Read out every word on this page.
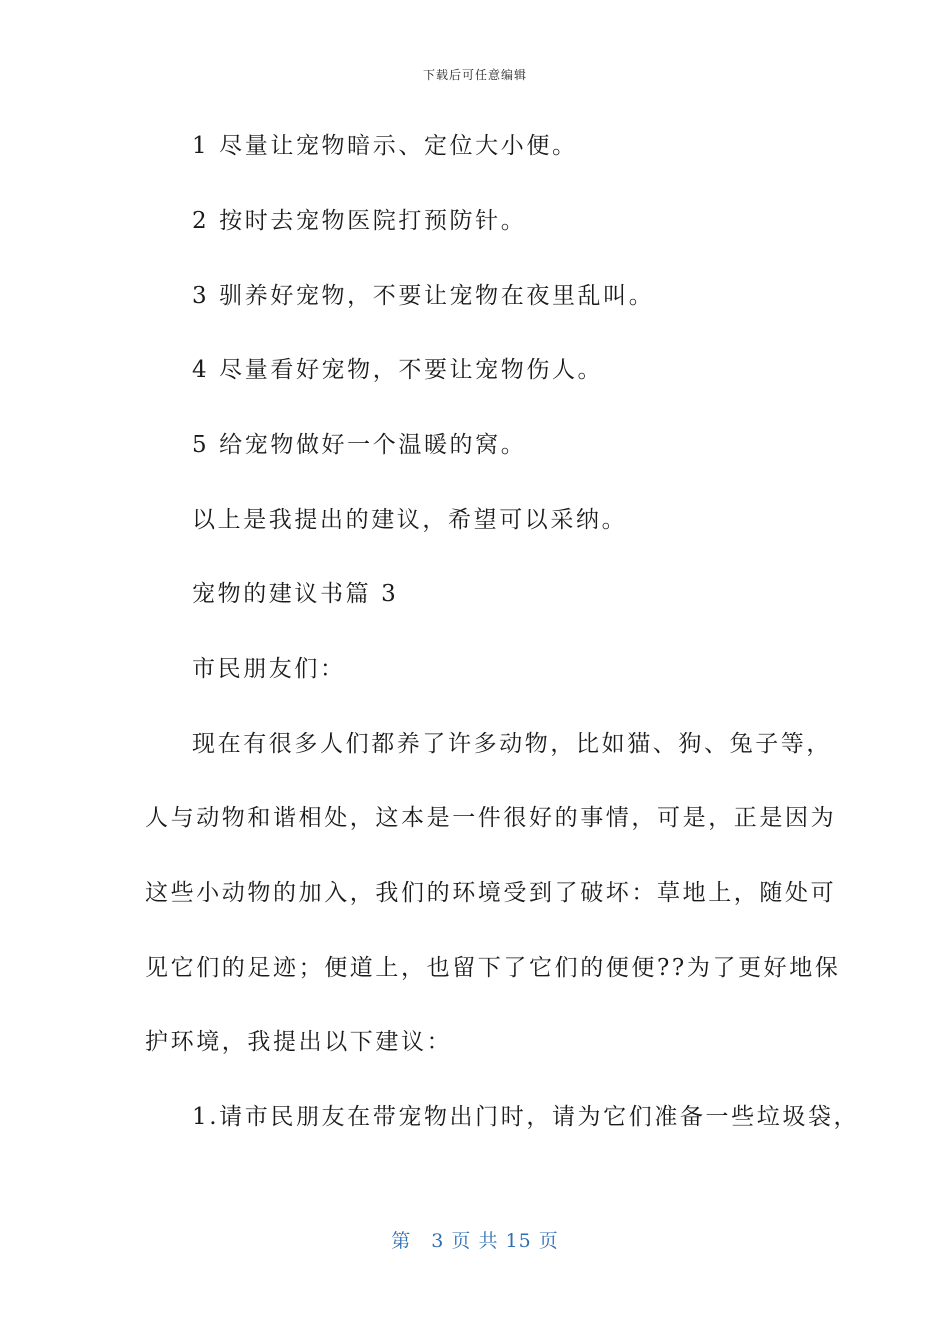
下载后可任意编辑
1 尽量让宠物暗示、定位大小便。
2 按时去宠物医院打预防针。
3 驯养好宠物，不要让宠物在夜里乱叫。
4 尽量看好宠物，不要让宠物伤人。
5 给宠物做好一个温暖的窝。
以上是我提出的建议，希望可以采纳。
宠物的建议书篇 3
市民朋友们：
现在有很多人们都养了许多动物，比如猫、狗、兔子等，
人与动物和谐相处，这本是一件很好的事情，可是，正是因为
这些小动物的加入，我们的环境受到了破坏：草地上，随处可
见它们的足迹；便道上，也留下了它们的便便??为了更好地保
护环境，我提出以下建议：
1.请市民朋友在带宠物出门时，请为它们准备一些垃圾袋，
第　3 页 共 15 页
